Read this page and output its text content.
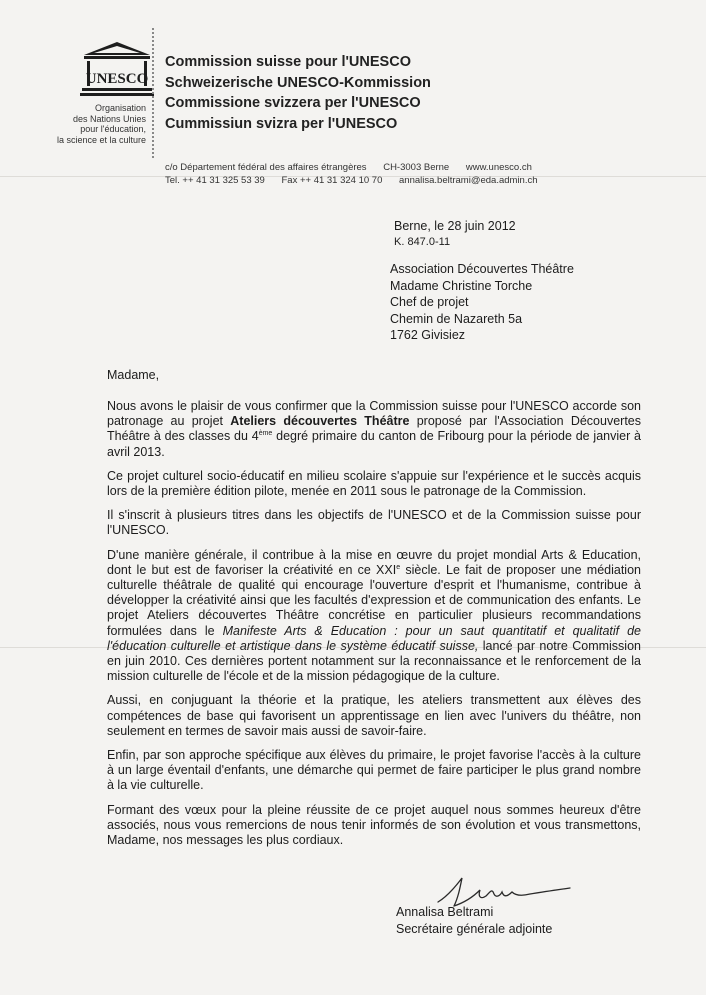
UNESCO
Organisation
des Nations Unies
pour l'éducation,
la science et la culture
Commission suisse pour l'UNESCO
Schweizerische UNESCO-Kommission
Commissione svizzera per l'UNESCO
Cummissiun svizra per l'UNESCO
c/o Département fédéral des affaires étrangères CH-3003 Berne www.unesco.ch
Tel. ++ 41 31 325 53 39 Fax ++ 41 31 324 10 70 annalisa.beltrami@eda.admin.ch
Berne, le 28 juin 2012
K. 847.0-11
Association Découvertes Théâtre
Madame Christine Torche
Chef de projet
Chemin de Nazareth 5a
1762 Givisiez
Madame,

Nous avons le plaisir de vous confirmer que la Commission suisse pour l'UNESCO accorde son patronage au projet Ateliers découvertes Théâtre proposé par l'Association Découvertes Théâtre à des classes du 4ème degré primaire du canton de Fribourg pour la période de janvier à avril 2013.

Ce projet culturel socio-éducatif en milieu scolaire s'appuie sur l'expérience et le succès acquis lors de la première édition pilote, menée en 2011 sous le patronage de la Commission.

Il s'inscrit à plusieurs titres dans les objectifs de l'UNESCO et de la Commission suisse pour l'UNESCO.

D'une manière générale, il contribue à la mise en œuvre du projet mondial Arts & Education, dont le but est de favoriser la créativité en ce XXIe siècle. Le fait de proposer une médiation culturelle théâtrale de qualité qui encourage l'ouverture d'esprit et l'humanisme, contribue à développer la créativité ainsi que les facultés d'expression et de communication des enfants. Le projet Ateliers découvertes Théâtre concrétise en particulier plusieurs recommandations formulées dans le Manifeste Arts & Education : pour un saut quantitatif et qualitatif de l'éducation culturelle et artistique dans le système éducatif suisse, lancé par notre Commission en juin 2010. Ces dernières portent notamment sur la reconnaissance et le renforcement de la mission culturelle de l'école et de la mission pédagogique de la culture.

Aussi, en conjuguant la théorie et la pratique, les ateliers transmettent aux élèves des compétences de base qui favorisent un apprentissage en lien avec l'univers du théâtre, non seulement en termes de savoir mais aussi de savoir-faire.

Enfin, par son approche spécifique aux élèves du primaire, le projet favorise l'accès à la culture à un large éventail d'enfants, une démarche qui permet de faire participer le plus grand nombre à la vie culturelle.

Formant des vœux pour la pleine réussite de ce projet auquel nous sommes heureux d'être associés, nous vous remercions de nous tenir informés de son évolution et vous transmettons, Madame, nos messages les plus cordiaux.

Annalisa Beltrami
Secrétaire générale adjointe
